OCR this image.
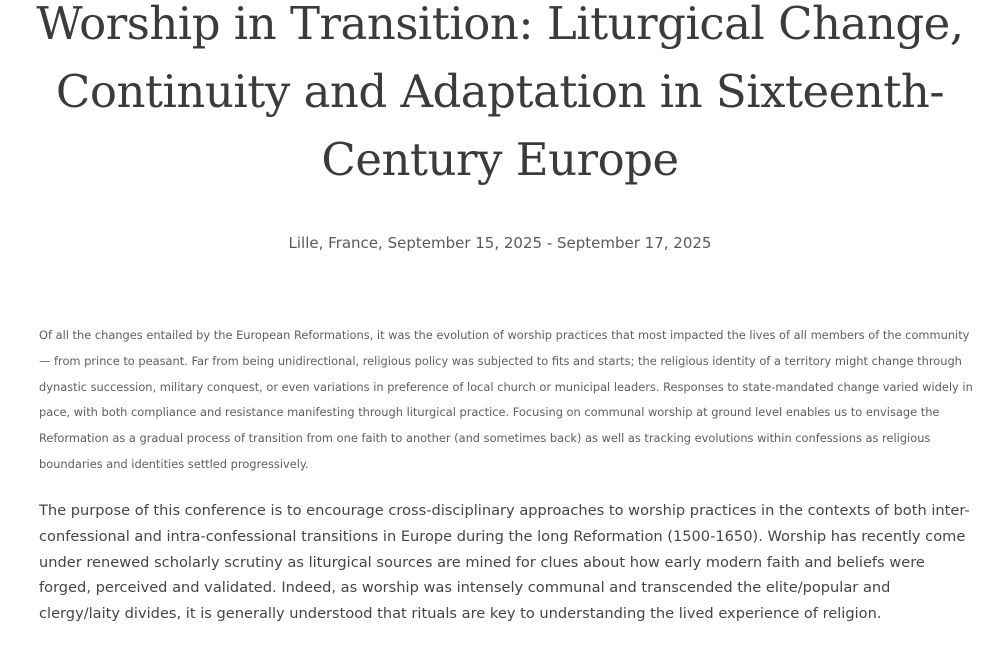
Worship in Transition: Liturgical Change, Continuity and Adaptation in Sixteenth-Century Europe
Lille, France, September 15, 2025 - September 17, 2025

Of all the changes entailed by the European Reformations, it was the evolution of worship practices that most impacted the lives of all members of the community — from prince to peasant. Far from being unidirectional, religious policy was subjected to fits and starts; the religious identity of a territory might change through dynastic succession, military conquest, or even variations in preference of local church or municipal leaders. Responses to state-mandated change varied widely in pace, with both compliance and resistance manifesting through liturgical practice. Focusing on communal worship at ground level enables us to envisage the Reformation as a gradual process of transition from one faith to another (and sometimes back) as well as tracking evolutions within confessions as religious boundaries and identities settled progressively.

The purpose of this conference is to encourage cross-disciplinary approaches to worship practices in the contexts of both inter-confessional and intra-confessional transitions in Europe during the long Reformation (1500-1650). Worship has recently come under renewed scholarly scrutiny as liturgical sources are mined for clues about how early modern faith and beliefs were forged, perceived and validated. Indeed, as worship was intensely communal and transcended the elite/popular and clergy/laity divides, it is generally understood that rituals are key to understanding the lived experience of religion.
